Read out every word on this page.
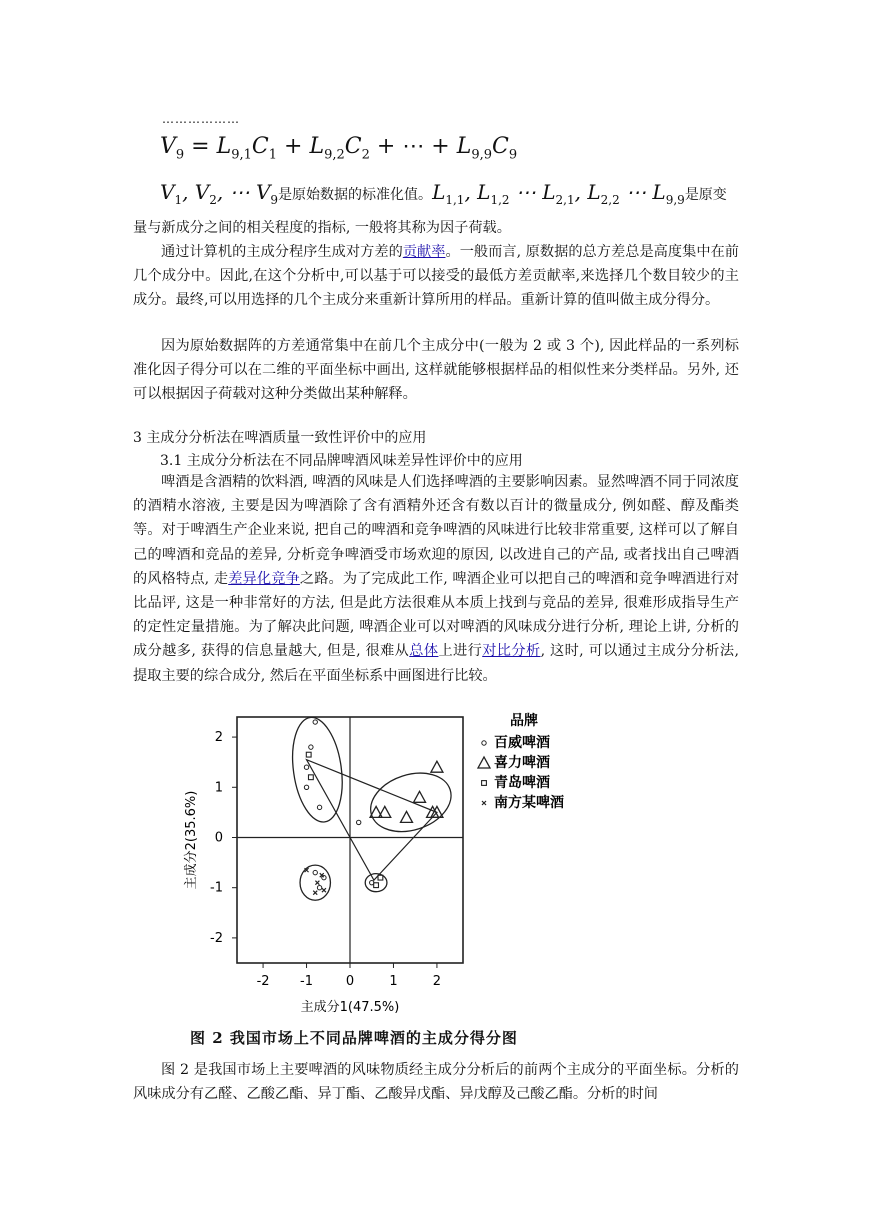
………………
$V_9 = L_{9,1}C_1 + L_{9,2}C_2$ + ⋯ + $L_{9,9}C_9$
$V_1$, $V_2$, ⋯ $V_9$是原始数据的标准化值。$L_{1,1}$, $L_{1,2}$ ⋯ $L_{2,1}$, $L_{2,2}$ ⋯ $L_{9,9}$是原变
量与新成分之间的相关程度的指标, 一般将其称为因子荷载。
通过计算机的主成分程序生成对方差的贡献率。一般而言, 原数据的总方差总是高度集中在前几个成分中。因此,在这个分析中,可以基于可以接受的最低方差贡献率,来选择几个数目较少的主成分。最终,可以用选择的几个主成分来重新计算所用的样品。重新计算的值叫做主成分得分。
因为原始数据阵的方差通常集中在前几个主成分中(一般为 2 或 3 个), 因此样品的一系列标准化因子得分可以在二维的平面坐标中画出, 这样就能够根据样品的相似性来分类样品。另外, 还可以根据因子荷载对这种分类做出某种解释。
3 主成分分析法在啤酒质量一致性评价中的应用
3.1 主成分分析法在不同品牌啤酒风味差异性评价中的应用
啤酒是含酒精的饮料酒, 啤酒的风味是人们选择啤酒的主要影响因素。显然啤酒不同于同浓度的酒精水溶液, 主要是因为啤酒除了含有酒精外还含有数以百计的微量成分, 例如醛、醇及酯类等。对于啤酒生产企业来说, 把自己的啤酒和竞争啤酒的风味进行比较非常重要, 这样可以了解自己的啤酒和竞品的差异, 分析竞争啤酒受市场欢迎的原因, 以改进自己的产品, 或者找出自己啤酒的风格特点, 走差异化竞争之路。为了完成此工作, 啤酒企业可以把自己的啤酒和竞争啤酒进行对比品评, 这是一种非常好的方法, 但是此方法很难从本质上找到与竞品的差异, 很难形成指导生产的定性定量措施。为了解决此问题, 啤酒企业可以对啤酒的风味成分进行分析, 理论上讲, 分析的成分越多, 获得的信息量越大, 但是, 很难从总体上进行对比分析, 这时, 可以通过主成分分析法, 提取主要的综合成分, 然后在平面坐标系中画图进行比较。
-2 -1	0	1	2
-2
-1
0
1
2
主成分1(47.5%)
主成分2(35.6%)
品牌
百威啤酒
喜力啤酒
青岛啤酒
南方某啤酒
图 2 我国市场上不同品牌啤酒的主成分得分图
图 2 是我国市场上主要啤酒的风味物质经主成分分析后的前两个主成分的平面坐标。分析的风味成分有乙醛、乙酸乙酯、异丁酯、乙酸异戊酯、异戊醇及己酸乙酯。分析的时间
